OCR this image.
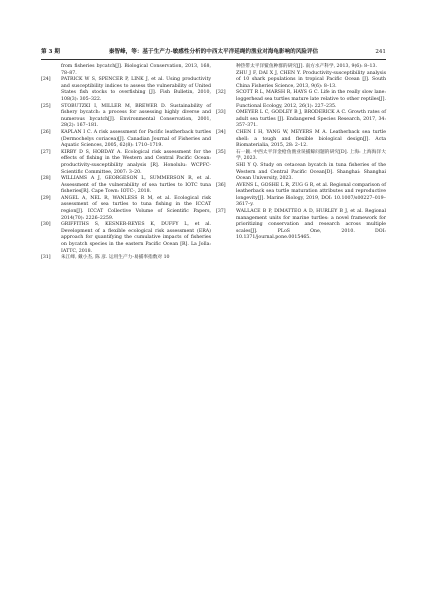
第 3 期	秦智峰，等：基于生产力-敏感性分析的中西太平洋延绳钓渔业对海龟影响的风险评估	241
from fisheries bycatch[J]. Biological Conservation, 2013, 168, 78–87.
[24] PATRICK W S, SPENCER P, LINK J, et al. Using productivity and susceptibility indices to assess the vulnerability of United States fish stocks to overfishing [J]. Fish Bulletin, 2010, 108(3): 305–322.
[25] STOBUTZKI I, MILLER M, BREWER D. Sustainability of fishery bycatch: a process for assessing highly diverse and numerous bycatch[J]. Environmental Conservation, 2001, 28(2): 167–181.
[26] KAPLAN I C. A risk assessment for Pacific leatherback turtles (Dermochelys coriacea)[J]. Canadian Journal of Fisheries and Aquatic Sciences, 2005, 62(8): 1710–1719.
[27] KIRBY D S, HOBDAY A. Ecological risk assessment for the effects of fishing in the Western and Central Pacific Ocean: productivity-susceptibility analysis [R]. Honolulu: WCPFC-Scientific Committee, 2007: 3–20.
[28] WILLIAMS A J, GEORGESON L, SUMMERSON R, et al. Assessment of the vulnerability of sea turtles to IOTC tuna fisheries[R]. Cape Town: IOTC-, 2018.
[29] ANGEL A, NEL R, WANLESS R M, et al. Ecological risk assessment of sea turtles to tuna fishing in the ICCAT region[J]. ICCAT Collective Volume of Scientific Papers, 2014(70): 2226–2259.
[30] GRIFFITHS S, KESNER-REYES K, DUFFY L, et al. Development of a flexible ecological risk assessment (ERA) approach for quantifying the cumulative impacts of fisheries on bycatch species in the eastern Pacific Ocean [R]. La Jolla: IATTC, 2018.
[31] 朱江峰, 戴小杰, 陈 彦. 运用生产力-易捕率指数对 10
种热带太平洋鲨鱼种群的研究[J]. 南方水产科学, 2013, 9(6): 8–13.
ZHU J F, DAI X J, CHEN Y. Productivity-susceptibility analysis of 10 shark populations in tropical Pacific Ocean [J]. South China Fisheries Science, 2013, 9(6): 8–13.
[32] SCOTT R L, MARSH R, HAYS G C. Life in the really slow lane: loggerhead sea turtles mature late relative to other reptiles[J]. Functional Ecology, 2012, 26(1): 227–235.
[33] OMEYER L C, GODLEY B J, BRODERICK A C. Growth rates of adult sea turtles [J]. Endangered Species Research, 2017, 34: 357–371.
[34] CHEN I H, YANG W, MEYERS M A. Leatherback sea turtle shell: a tough and flexible biological design[J]. Acta Biomaterialia, 2015, 28: 2–12.
[35] 石一颖. 中西太平洋金枪鱼渔业误捕鲸问题的研究[D]. 上海: 上海海洋大学, 2023.
SHI Y Q. Study on cetacean bycatch in tuna fisheries of the Western and Central Pacific Ocean[D]. Shanghai: Shanghai Ocean University, 2023.
[36] AVENS L, GOSHE L R, ZUG G R, et al. Regional comparison of leatherback sea turtle maturation attributes and reproductive longevity[J]. Marine Biology, 2019, DOI: 10.1007/s00227–019–3617–y.
[37] WALLACE B P, DIMATTEO A D, HURLEY B J, et al. Regional management units for marine turtles: a novel framework for prioritizing conservation and research across multiple scales[J]. PLoS One, 2010. DOI: 10.1371/journal.pone.0015465.
